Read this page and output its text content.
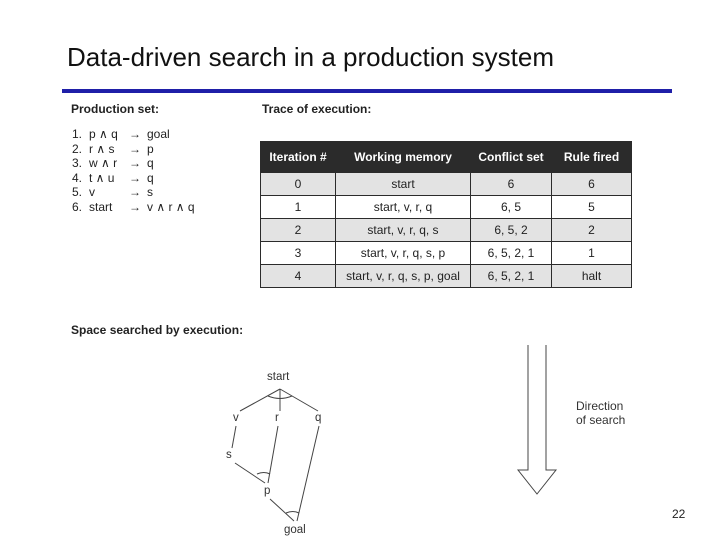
Data-driven search in a production system
Production set:
1. p ∧ q → goal
2. r ∧ s → p
3. w ∧ r → q
4. t ∧ u → q
5. v	→ s
6. start → v ∧ r ∧ q
Trace of execution:
Iteration #	Working memory	Conflict set	Rule fired
0	start	6	6
1	start, v, r, q	6, 5	5
2	start, v, r, q, s	6, 5, 2	2
3	start, v, r, q, s, p	6, 5, 2, 1	1
4	start, v, r, q, s, p, goal	6, 5, 2, 1	halt
Space searched by execution:
start
v	r	q
s
p
goal
Direction
of search
22
